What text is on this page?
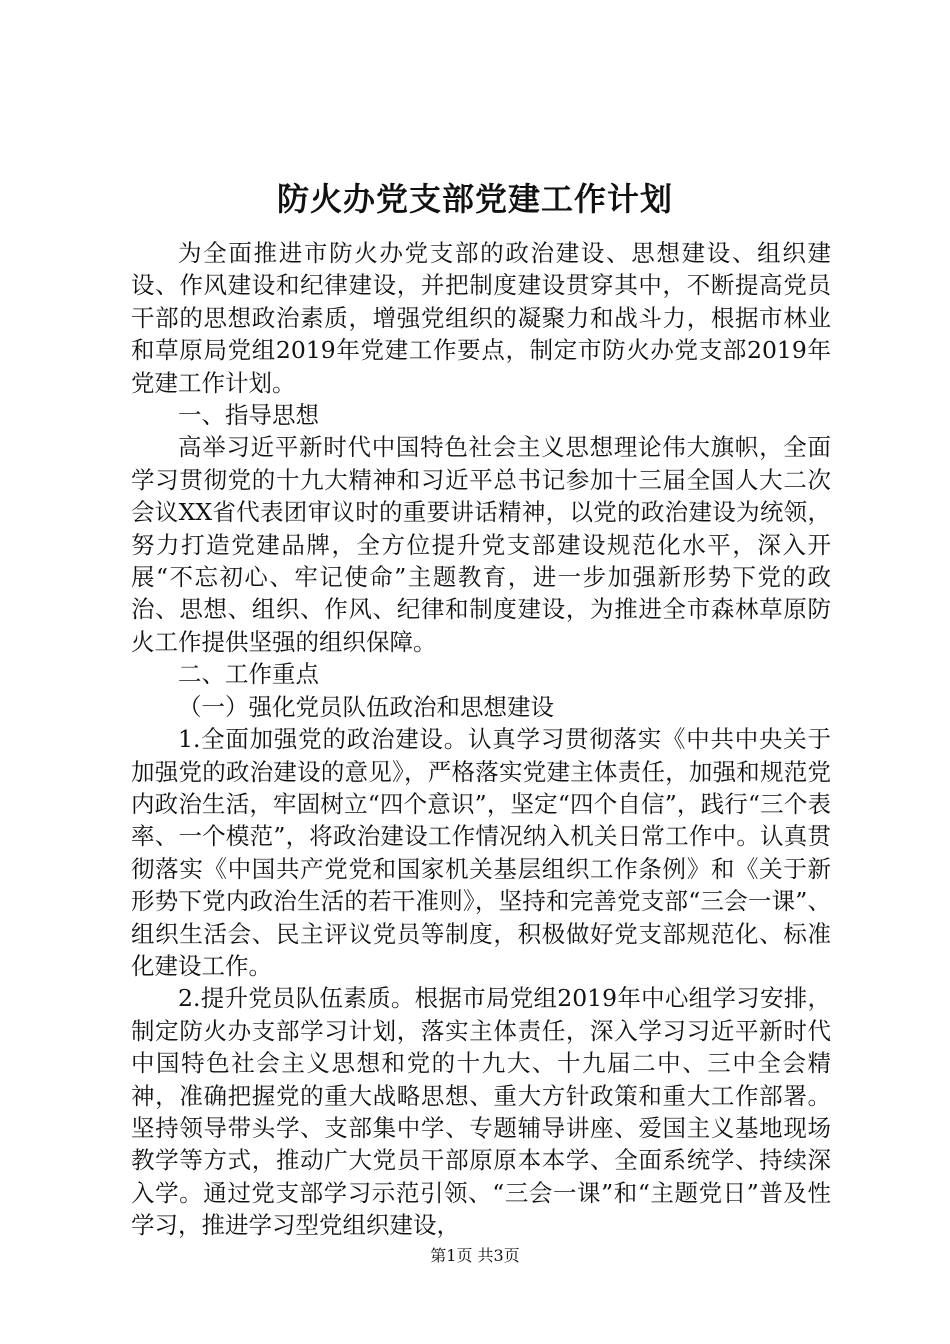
防火办党支部党建工作计划

为全面推进市防火办党支部的政治建设、思想建设、组织建设、作风建设和纪律建设，并把制度建设贯穿其中，不断提高党员干部的思想政治素质，增强党组织的凝聚力和战斗力，根据市林业和草原局党组2019年党建工作要点，制定市防火办党支部2019年党建工作计划。

一、指导思想

高举习近平新时代中国特色社会主义思想理论伟大旗帜，全面学习贯彻党的十九大精神和习近平总书记参加十三届全国人大二次会议XX省代表团审议时的重要讲话精神，以党的政治建设为统领，努力打造党建品牌，全方位提升党支部建设规范化水平，深入开展“不忘初心、牢记使命”主题教育，进一步加强新形势下党的政治、思想、组织、作风、纪律和制度建设，为推进全市森林草原防火工作提供坚强的组织保障。

二、工作重点

（一）强化党员队伍政治和思想建设

1.全面加强党的政治建设。认真学习贯彻落实《中共中央关于加强党的政治建设的意见》，严格落实党建主体责任，加强和规范党内政治生活，牢固树立“四个意识”，坚定“四个自信”，践行“三个表率、一个模范”，将政治建设工作情况纳入机关日常工作中。认真贯彻落实《中国共产党党和国家机关基层组织工作条例》和《关于新形势下党内政治生活的若干准则》，坚持和完善党支部“三会一课”、组织生活会、民主评议党员等制度，积极做好党支部规范化、标准化建设工作。

2.提升党员队伍素质。根据市局党组2019年中心组学习安排，制定防火办支部学习计划，落实主体责任，深入学习习近平新时代中国特色社会主义思想和党的十九大、十九届二中、三中全会精神，准确把握党的重大战略思想、重大方针政策和重大工作部署。坚持领导带头学、支部集中学、专题辅导讲座、爱国主义基地现场教学等方式，推动广大党员干部原原本本学、全面系统学、持续深入学。通过党支部学习示范引领、“三会一课”和“主题党日”普及性学习，推进学习型党组织建设，

第1页 共3页
